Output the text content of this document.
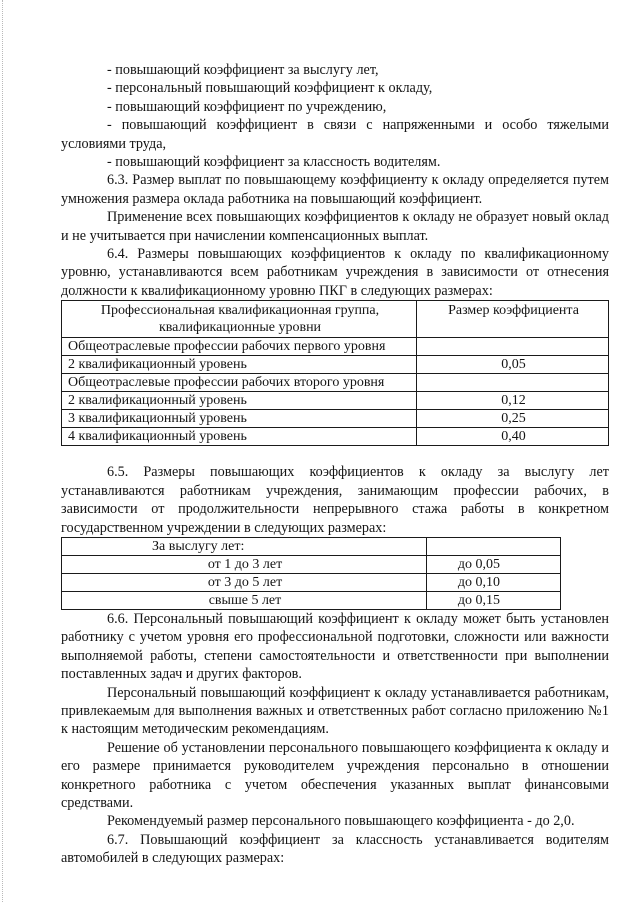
- повышающий коэффициент за выслугу лет,

- персональный повышающий коэффициент к окладу,

- повышающий коэффициент по учреждению,

- повышающий коэффициент в связи с напряженными и особо тяжелыми условиями труда,

- повышающий коэффициент за классность водителям.

6.3. Размер выплат по повышающему коэффициенту к окладу определяется путем умножения размера оклада работника на повышающий коэффициент.

Применение всех повышающих коэффициентов к окладу не образует новый оклад и не учитывается при начислении компенсационных выплат.

6.4. Размеры повышающих коэффициентов к окладу по квалификационному уровню, устанавливаются всем работникам учреждения в зависимости от отнесения должности к квалификационному уровню ПКГ в следующих размерах:

Профессиональная квалификационная группа, квалификационные уровни	Размер коэффициента
Общеотраслевые профессии рабочих первого уровня	
2 квалификационный уровень	0,05
Общеотраслевые профессии рабочих второго уровня	
2 квалификационный уровень	0,12
3 квалификационный уровень	0,25
4 квалификационный уровень	0,40

6.5. Размеры повышающих коэффициентов к окладу за выслугу лет устанавливаются работникам учреждения, занимающим профессии рабочих, в зависимости от продолжительности непрерывного стажа работы в конкретном государственном учреждении в следующих размерах:

За выслугу лет:	
от 1 до 3 лет	до 0,05
от 3 до 5 лет	до 0,10
свыше 5 лет	до 0,15

6.6. Персональный повышающий коэффициент к окладу может быть установлен работнику с учетом уровня его профессиональной подготовки, сложности или важности выполняемой работы, степени самостоятельности и ответственности при выполнении поставленных задач и других факторов.

Персональный повышающий коэффициент к окладу устанавливается работникам, привлекаемым для выполнения важных и ответственных работ согласно приложению №1 к настоящим методическим рекомендациям.

Решение об установлении персонального повышающего коэффициента к окладу и его размере принимается руководителем учреждения персонально в отношении конкретного работника с учетом обеспечения указанных выплат финансовыми средствами.

Рекомендуемый размер персонального повышающего коэффициента - до 2,0.

6.7. Повышающий коэффициент за классность устанавливается водителям автомобилей в следующих размерах:
